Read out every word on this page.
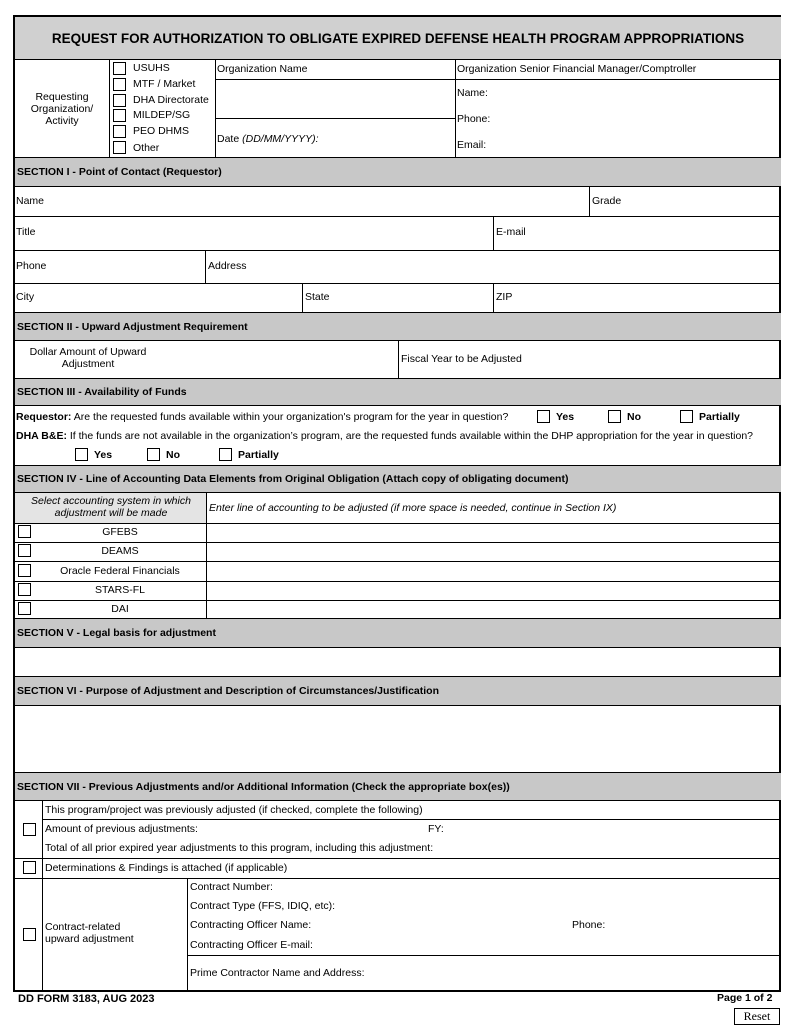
REQUEST FOR AUTHORIZATION TO OBLIGATE EXPIRED DEFENSE HEALTH PROGRAM APPROPRIATIONS
Requesting Organization/ Activity
USUHS
MTF / Market
DHA Directorate
MILDEP/SG
PEO DHMS
Other
Organization Name
Date (DD/MM/YYYY):
Organization Senior Financial Manager/Comptroller
Name:
Phone:
Email:
SECTION I - Point of Contact (Requestor)
Name	Grade
Title	E-mail
Phone	Address
City	State	ZIP
SECTION II - Upward Adjustment Requirement
Dollar Amount of Upward Adjustment	Fiscal Year to be Adjusted
SECTION III - Availability of Funds
Requestor: Are the requested funds available within your organization's program for the year in question?	Yes	No	Partially
DHA B&E: If the funds are not available in the organization’s program, are the requested funds available within the DHP appropriation for the year in question?
Yes	No	Partially
SECTION IV - Line of Accounting Data Elements from Original Obligation (Attach copy of obligating document)
Select accounting system in which adjustment will be made	Enter line of accounting to be adjusted (if more space is needed, continue in Section IX)
GFEBS
DEAMS
Oracle Federal Financials
STARS-FL
DAI
SECTION V - Legal basis for adjustment
SECTION VI - Purpose of Adjustment and Description of Circumstances/Justification
SECTION VII - Previous Adjustments and/or Additional Information (Check the appropriate box(es))
This program/project was previously adjusted (if checked, complete the following)
Amount of previous adjustments:	FY:
Total of all prior expired year adjustments to this program, including this adjustment:
Determinations & Findings is attached (if applicable)
Contract-related upward adjustment
Contract Number:
Contract Type (FFS, IDIQ, etc):
Contracting Officer Name:	Phone:
Contracting Officer E-mail:
Prime Contractor Name and Address:
DD FORM 3183, AUG 2023	Page 1 of 2
Reset
